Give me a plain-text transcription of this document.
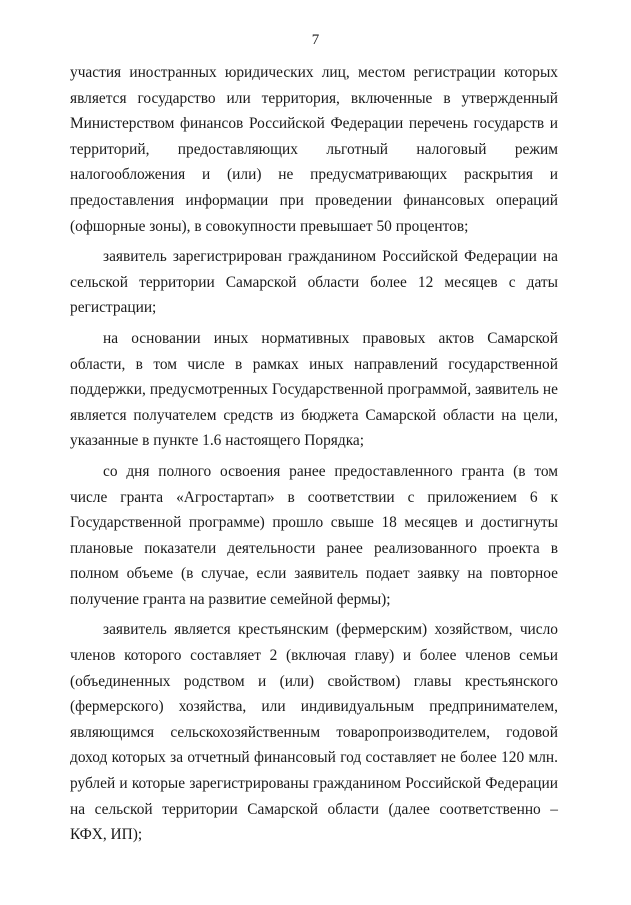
7

участия иностранных юридических лиц, местом регистрации которых является государство или территория, включенные в утвержденный Министерством финансов Российской Федерации перечень государств и территорий, предоставляющих льготный налоговый режим налогообложения и (или) не предусматривающих раскрытия и предоставления информации при проведении финансовых операций (офшорные зоны), в совокупности превышает 50 процентов;

заявитель зарегистрирован гражданином Российской Федерации на сельской территории Самарской области более 12 месяцев с даты регистрации;

на основании иных нормативных правовых актов Самарской области, в том числе в рамках иных направлений государственной поддержки, предусмотренных Государственной программой, заявитель не является получателем средств из бюджета Самарской области на цели, указанные в пункте 1.6 настоящего Порядка;

со дня полного освоения ранее предоставленного гранта (в том числе гранта «Агростартап» в соответствии с приложением 6 к Государственной программе) прошло свыше 18 месяцев и достигнуты плановые показатели деятельности ранее реализованного проекта в полном объеме (в случае, если заявитель подает заявку на повторное получение гранта на развитие семейной фермы);

заявитель является крестьянским (фермерским) хозяйством, число членов которого составляет 2 (включая главу) и более членов семьи (объединенных родством и (или) свойством) главы крестьянского (фермерского) хозяйства, или индивидуальным предпринимателем, являющимся сельскохозяйственным товаропроизводителем, годовой доход которых за отчетный финансовый год составляет не более 120 млн. рублей и которые зарегистрированы гражданином Российской Федерации на сельской территории Самарской области (далее соответственно – КФХ, ИП);
